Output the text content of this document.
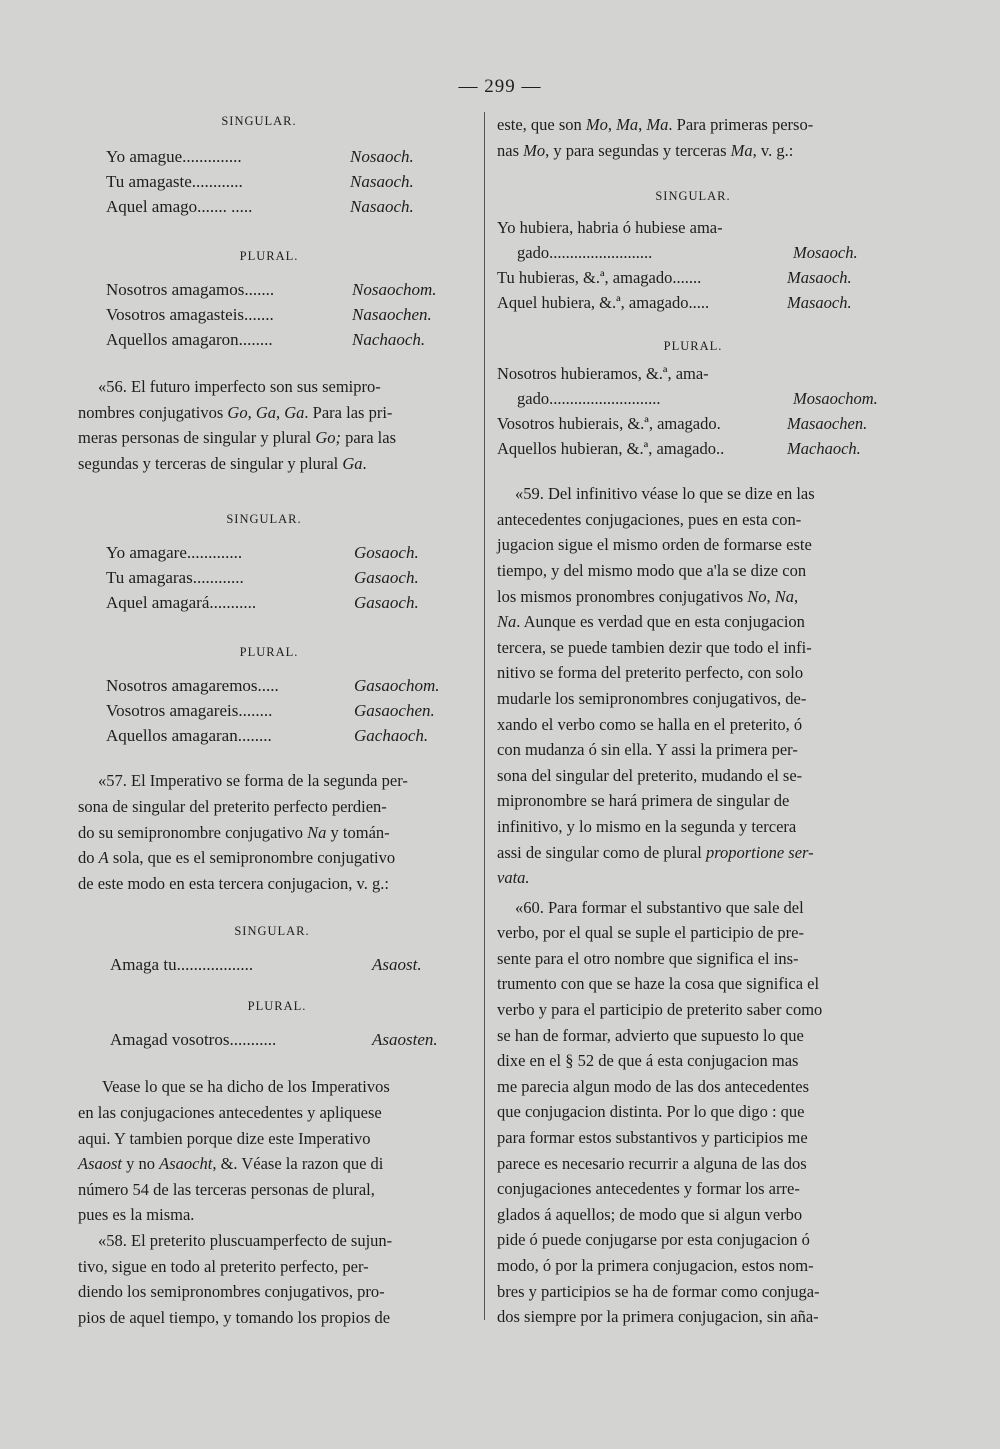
— 299 —

SINGULAR.

Yo amague..............	Nosaoch.
Tu amagaste............	Nasaoch.
Aquel amago....... .....	Nasaoch.

PLURAL.

Nosotros amagamos.......	Nosaochom.
Vosotros amagasteis.......	Nasaochen.
Aquellos amagaron........	Nachaoch.

«56. El futuro imperfecto son sus semipro-

nombres conjugativos Go, Ga, Ga. Para las pri-

meras personas de singular y plural Go; para las

segundas y terceras de singular y plural Ga.

SINGULAR.

Yo amagare.............	Gosaoch.
Tu amagaras............	Gasaoch.
Aquel amagará...........	Gasaoch.

PLURAL.

Nosotros amagaremos.....	Gasaochom.
Vosotros amagareis........	Gasaochen.
Aquellos amagaran........	Gachaoch.

«57. El Imperativo se forma de la segunda per-

sona de singular del preterito perfecto perdien-

do su semipronombre conjugativo Na y tomán-

do A sola, que es el semipronombre conjugativo

de este modo en esta tercera conjugacion, v. g.:

SINGULAR.

Amaga tu..................	Asaost.

PLURAL.

Amagad vosotros...........	Asaosten.

Vease lo que se ha dicho de los Imperativos

en las conjugaciones antecedentes y apliquese

aqui. Y tambien porque dize este Imperativo

Asaost y no Asaocht, &. Véase la razon que di

número 54 de las terceras personas de plural,

pues es la misma.

«58. El preterito pluscuamperfecto de sujun-

tivo, sigue en todo al preterito perfecto, per-

diendo los semipronombres conjugativos, pro-

pios de aquel tiempo, y tomando los propios de

este, que son Mo, Ma, Ma. Para primeras perso-

nas Mo, y para segundas y terceras Ma, v. g.:

SINGULAR.

Yo hubiera, habria ó hubiese ama-
gado.........................	Mosaoch.
Tu hubieras, &.ª, amagado.......	Masaoch.
Aquel hubiera, &.ª, amagado.....	Masaoch.

PLURAL.

Nosotros hubieramos, &.ª, ama-
gado...........................	Mosaochom.
Vosotros hubierais, &.ª, amagado.	Masaochen.
Aquellos hubieran, &.ª, amagado..	Machaoch.

«59. Del infinitivo véase lo que se dize en las

antecedentes conjugaciones, pues en esta con-

jugacion sigue el mismo orden de formarse este

tiempo, y del mismo modo que a'la se dize con

los mismos pronombres conjugativos No, Na,

Na. Aunque es verdad que en esta conjugacion

tercera, se puede tambien dezir que todo el infi-

nitivo se forma del preterito perfecto, con solo

mudarle los semipronombres conjugativos, de-

xando el verbo como se halla en el preterito, ó

con mudanza ó sin ella. Y assi la primera per-

sona del singular del preterito, mudando el se-

mipronombre se hará primera de singular de

infinitivo, y lo mismo en la segunda y tercera

assi de singular como de plural proportione ser-

vata.

«60. Para formar el substantivo que sale del

verbo, por el qual se suple el participio de pre-

sente para el otro nombre que significa el ins-

trumento con que se haze la cosa que significa el

verbo y para el participio de preterito saber como

se han de formar, advierto que supuesto lo que

dixe en el § 52 de que á esta conjugacion mas

me parecia algun modo de las dos antecedentes

que conjugacion distinta. Por lo que digo : que

para formar estos substantivos y participios me

parece es necesario recurrir a alguna de las dos

conjugaciones antecedentes y formar los arre-

glados á aquellos; de modo que si algun verbo

pide ó puede conjugarse por esta conjugacion ó

modo, ó por la primera conjugacion, estos nom-

bres y participios se ha de formar como conjuga-

dos siempre por la primera conjugacion, sin aña-
